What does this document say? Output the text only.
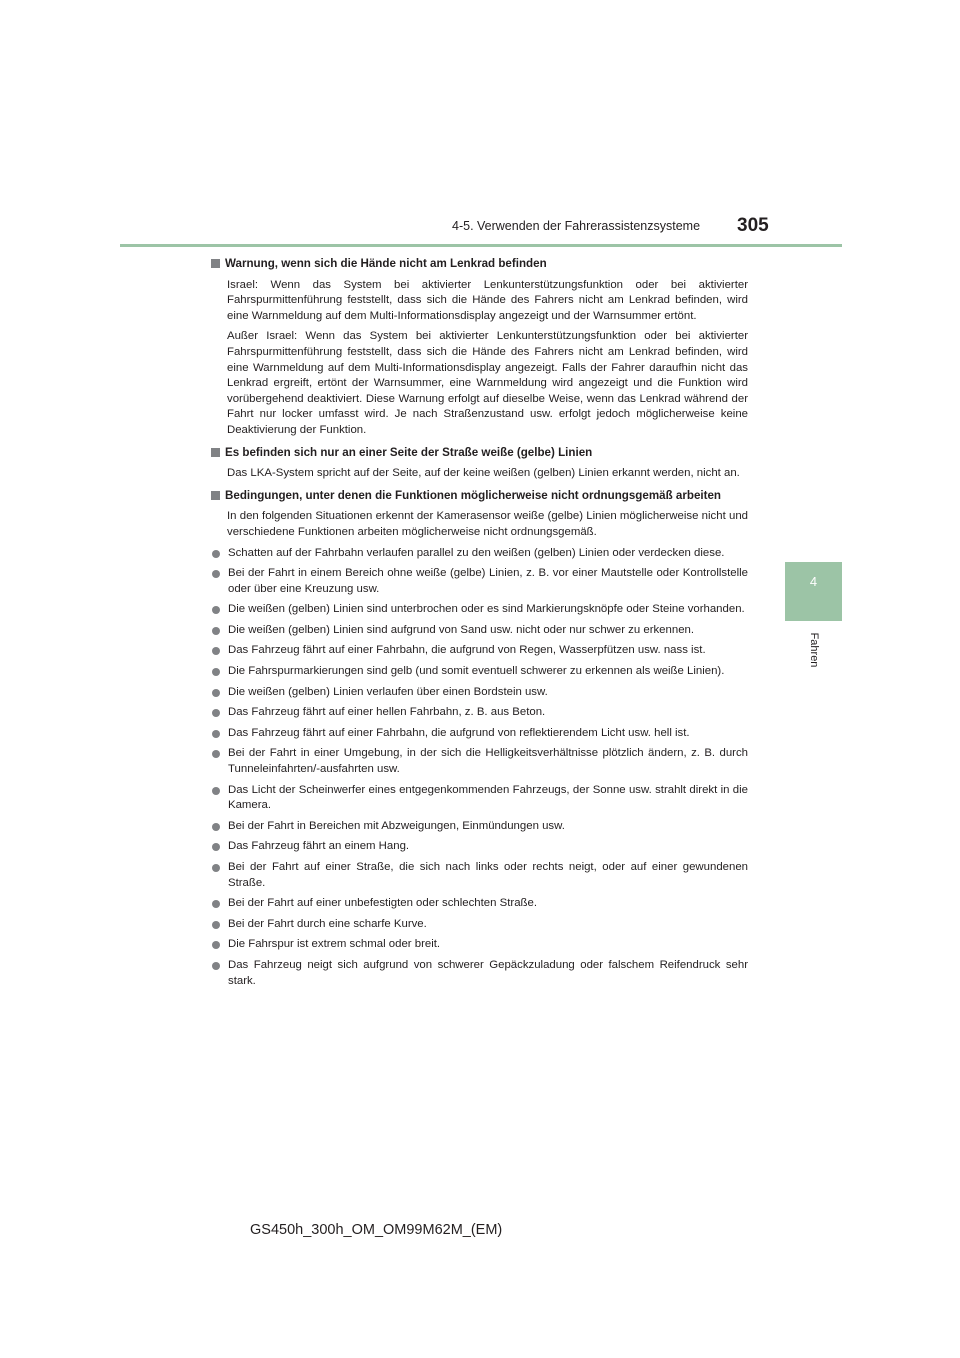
4-5. Verwenden der Fahrerassistenzsysteme 305
4
Fahren
Warnung, wenn sich die Hände nicht am Lenkrad befinden

Israel: Wenn das System bei aktivierter Lenkunterstützungsfunktion oder bei aktivierter Fahrspurmittenführung feststellt, dass sich die Hände des Fahrers nicht am Lenkrad befinden, wird eine Warnmeldung auf dem Multi-Informationsdisplay angezeigt und der Warnsummer ertönt.

Außer Israel: Wenn das System bei aktivierter Lenkunterstützungsfunktion oder bei aktivierter Fahrspurmittenführung feststellt, dass sich die Hände des Fahrers nicht am Lenkrad befinden, wird eine Warnmeldung auf dem Multi-Informationsdisplay angezeigt. Falls der Fahrer daraufhin nicht das Lenkrad ergreift, ertönt der Warnsummer, eine Warnmeldung wird angezeigt und die Funktion wird vorübergehend deaktiviert. Diese Warnung erfolgt auf dieselbe Weise, wenn das Lenkrad während der Fahrt nur locker umfasst wird. Je nach Straßenzustand usw. erfolgt jedoch möglicherweise keine Deaktivierung der Funktion.

Es befinden sich nur an einer Seite der Straße weiße (gelbe) Linien

Das LKA-System spricht auf der Seite, auf der keine weißen (gelben) Linien erkannt werden, nicht an.

Bedingungen, unter denen die Funktionen möglicherweise nicht ordnungsgemäß arbeiten

In den folgenden Situationen erkennt der Kamerasensor weiße (gelbe) Linien möglicherweise nicht und verschiedene Funktionen arbeiten möglicherweise nicht ordnungsgemäß.

Schatten auf der Fahrbahn verlaufen parallel zu den weißen (gelben) Linien oder verdecken diese.
Bei der Fahrt in einem Bereich ohne weiße (gelbe) Linien, z. B. vor einer Mautstelle oder Kontrollstelle oder über eine Kreuzung usw.
Die weißen (gelben) Linien sind unterbrochen oder es sind Markierungsknöpfe oder Steine vorhanden.
Die weißen (gelben) Linien sind aufgrund von Sand usw. nicht oder nur schwer zu erkennen.
Das Fahrzeug fährt auf einer Fahrbahn, die aufgrund von Regen, Wasserpfützen usw. nass ist.
Die Fahrspurmarkierungen sind gelb (und somit eventuell schwerer zu erkennen als weiße Linien).
Die weißen (gelben) Linien verlaufen über einen Bordstein usw.
Das Fahrzeug fährt auf einer hellen Fahrbahn, z. B. aus Beton.
Das Fahrzeug fährt auf einer Fahrbahn, die aufgrund von reflektierendem Licht usw. hell ist.
Bei der Fahrt in einer Umgebung, in der sich die Helligkeitsverhältnisse plötzlich ändern, z. B. durch Tunneleinfahrten/-ausfahrten usw.
Das Licht der Scheinwerfer eines entgegenkommenden Fahrzeugs, der Sonne usw. strahlt direkt in die Kamera.
Bei der Fahrt in Bereichen mit Abzweigungen, Einmündungen usw.
Das Fahrzeug fährt an einem Hang.
Bei der Fahrt auf einer Straße, die sich nach links oder rechts neigt, oder auf einer gewundenen Straße.
Bei der Fahrt auf einer unbefestigten oder schlechten Straße.
Bei der Fahrt durch eine scharfe Kurve.
Die Fahrspur ist extrem schmal oder breit.
Das Fahrzeug neigt sich aufgrund von schwerer Gepäckzuladung oder falschem Reifendruck sehr stark.
GS450h_300h_OM_OM99M62M_(EM)
